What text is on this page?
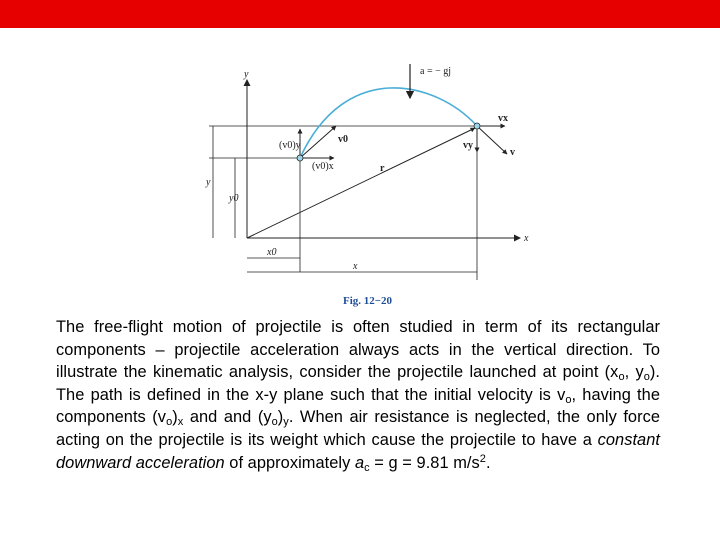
y
x
a = − gj
vx
vy
v
v0
(v0)y
(v0)x	r
y
y0
x0
x
Fig. 12−20
The free-flight motion of projectile is often studied in term of its rectangular components – projectile acceleration always acts in the vertical direction. To illustrate the kinematic analysis, consider the projectile launched at point ($x_o$, $y_o$). The path is defined in the x-y plane such that the initial velocity is $v_o$, having the components $(v_o)_x$ and and $(y_o)_y$. When air resistance is neglected, the only force acting on the projectile is its weight which cause the projectile to have a constant downward acceleration of approximately $a_c = g = 9.81$ $m/s^2$.
